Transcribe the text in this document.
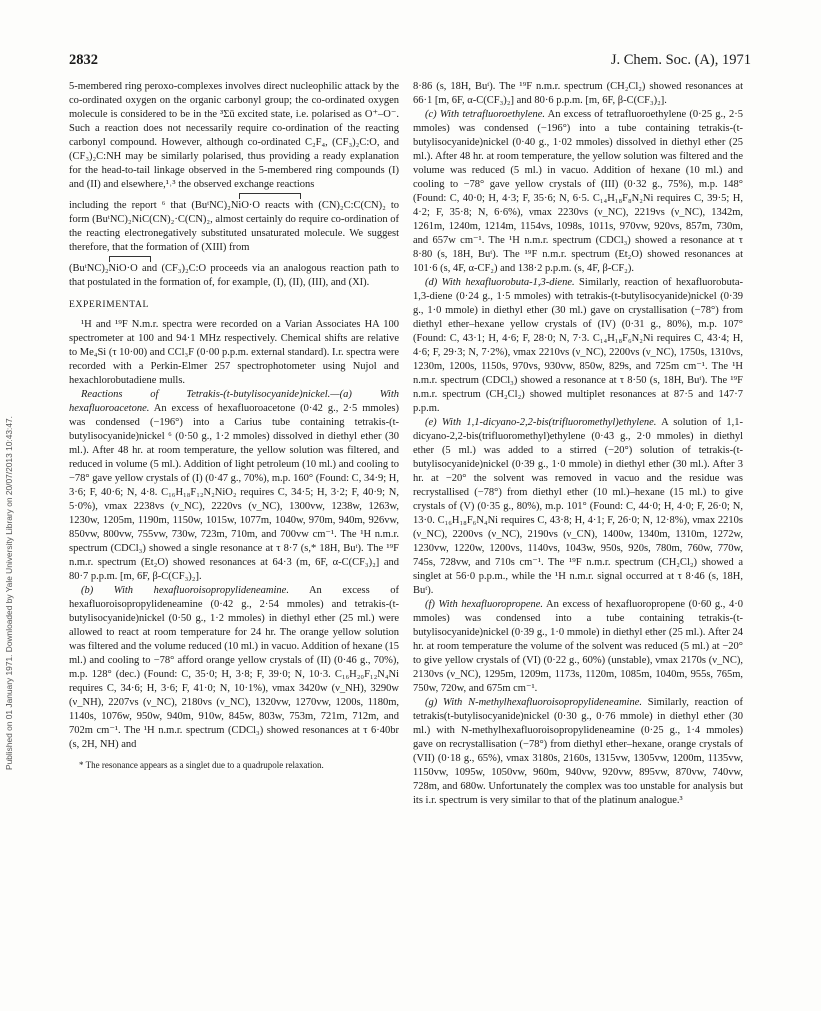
Published on 01 January 1971. Downloaded by Yale University Library on 20/07/2013 10:43:47.
2832	J. Chem. Soc. (A), 1971

5-membered ring peroxo-complexes involves direct nucleophilic attack by the co-ordinated oxygen on the organic carbonyl group; the co-ordinated oxygen molecule is considered to be in the ³Σū excited state, i.e. polarised as O⁺–O⁻. Such a reaction does not necessarily require co-ordination of the reacting carbonyl compound. However, although co-ordinated C₂F₄, (CF₃)₂C:O, and (CF₃)₂C:NH may be similarly polarised, thus providing a ready explanation for the head-to-tail linkage observed in the 5-membered ring compounds (I) and (II) and elsewhere,¹˒³ the observed exchange reactions

including the report ⁶ that (BuᵗNC)₂NiO·O reacts with (CN)₂C:C(CN)₂ to form (BuᵗNC)₂NiC(CN)₂·C(CN)₂, almost certainly do require co-ordination of the reacting electronegatively substituted unsaturated molecule. We suggest therefore, that the formation of (XIII) from

(BuᵗNC)₂NiO·O and (CF₃)₂C:O proceeds via an analogous reaction path to that postulated in the formation of, for example, (I), (II), (III), and (XI).

EXPERIMENTAL

¹H and ¹⁹F N.m.r. spectra were recorded on a Varian Associates HA 100 spectrometer at 100 and 94·1 MHz respectively. Chemical shifts are relative to Me₄Si (τ 10·00) and CCl₃F (0·00 p.p.m. external standard). I.r. spectra were recorded with a Perkin-Elmer 257 spectrophotometer using Nujol and hexachlorobutadiene mulls.

Reactions of Tetrakis-(t-butylisocyanide)nickel.—(a) With hexafluoroacetone. An excess of hexafluoroacetone (0·42 g., 2·5 mmoles) was condensed (−196°) into a Carius tube containing tetrakis-(t-butylisocyanide)nickel ⁶ (0·50 g., 1·2 mmoles) dissolved in diethyl ether (30 ml.). After 48 hr. at room temperature, the yellow solution was filtered, and reduced in volume (5 ml.). Addition of light petroleum (10 ml.) and cooling to −78° gave yellow crystals of (I) (0·47 g., 70%), m.p. 160° (Found: C, 34·9; H, 3·6; F, 40·6; N, 4·8. C₁₆H₁₈F₁₂N₂NiO₂ requires C, 34·5; H, 3·2; F, 40·9; N, 5·0%), νmax 2238vs (ν_NC), 2220vs (ν_NC), 1300vw, 1238w, 1263w, 1230w, 1205m, 1190m, 1150w, 1015w, 1077m, 1040w, 970m, 940m, 926vw, 850vw, 800vw, 755vw, 730w, 723m, 710m, and 700vw cm⁻¹. The ¹H n.m.r. spectrum (CDCl₃) showed a single resonance at τ 8·7 (s,* 18H, Buᵗ). The ¹⁹F n.m.r. spectrum (Et₂O) showed resonances at 64·3 (m, 6F, α-C(CF₃)₂] and 80·7 p.p.m. [m, 6F, β-C(CF₃)₂].

(b) With hexafluoroisopropylideneamine. An excess of hexafluoroisopropylideneamine (0·42 g., 2·54 mmoles) and tetrakis-(t-butylisocyanide)nickel (0·50 g., 1·2 mmoles) in diethyl ether (25 ml.) were allowed to react at room temperature for 24 hr. The orange yellow solution was filtered and the volume reduced (10 ml.) in vacuo. Addition of hexane (15 ml.) and cooling to −78° afford orange yellow crystals of (II) (0·46 g., 70%), m.p. 128° (dec.) (Found: C, 35·0; H, 3·8; F, 39·0; N, 10·3. C₁₆H₂₀F₁₂N₄Ni requires C, 34·6; H, 3·6; F, 41·0; N, 10·1%), νmax 3420w (ν_NH), 3290w (ν_NH), 2207vs (ν_NC), 2180vs (ν_NC), 1320vw, 1270vw, 1200s, 1180m, 1140s, 1076w, 950w, 940m, 910w, 845w, 803w, 753m, 721m, 712m, and 702m cm⁻¹. The ¹H n.m.r. spectrum (CDCl₃) showed resonances at τ 6·40br (s, 2H, NH) and

* The resonance appears as a singlet due to a quadrupole relaxation.

8·86 (s, 18H, Buᵗ). The ¹⁹F n.m.r. spectrum (CH₂Cl₂) showed resonances at 66·1 [m, 6F, α-C(CF₃)₂] and 80·6 p.p.m. [m, 6F, β-C(CF₃)₂].

(c) With tetrafluoroethylene. An excess of tetrafluoroethylene (0·25 g., 2·5 mmoles) was condensed (−196°) into a tube containing tetrakis-(t-butylisocyanide)nickel (0·40 g., 1·02 mmoles) dissolved in diethyl ether (25 ml.). After 48 hr. at room temperature, the yellow solution was filtered and the volume was reduced (5 ml.) in vacuo. Addition of hexane (10 ml.) and cooling to −78° gave yellow crystals of (III) (0·32 g., 75%), m.p. 148° (Found: C, 40·0; H, 4·3; F, 35·6; N, 6·5. C₁₄H₁₈F₈N₂Ni requires C, 39·5; H, 4·2; F, 35·8; N, 6·6%), νmax 2230vs (ν_NC), 2219vs (ν_NC), 1342m, 1261m, 1240m, 1214m, 1154vs, 1098s, 1011s, 970vw, 920vs, 857m, 730m, and 657w cm⁻¹. The ¹H n.m.r. spectrum (CDCl₃) showed a resonance at τ 8·80 (s, 18H, Buᵗ). The ¹⁹F n.m.r. spectrum (Et₂O) showed resonances at 101·6 (s, 4F, α-CF₂) and 138·2 p.p.m. (s, 4F, β-CF₂).

(d) With hexafluorobuta-1,3-diene. Similarly, reaction of hexafluorobuta-1,3-diene (0·24 g., 1·5 mmoles) with tetrakis-(t-butylisocyanide)nickel (0·39 g., 1·0 mmole) in diethyl ether (30 ml.) gave on crystallisation (−78°) from diethyl ether–hexane yellow crystals of (IV) (0·31 g., 80%), m.p. 107° (Found: C, 43·1; H, 4·6; F, 28·0; N, 7·3. C₁₄H₁₈F₆N₂Ni requires C, 43·4; H, 4·6; F, 29·3; N, 7·2%), νmax 2210vs (ν_NC), 2200vs (ν_NC), 1750s, 1310vs, 1230m, 1200s, 1150s, 970vs, 930vw, 850w, 829s, and 725m cm⁻¹. The ¹H n.m.r. spectrum (CDCl₃) showed a resonance at τ 8·50 (s, 18H, Buᵗ). The ¹⁹F n.m.r. spectrum (CH₂Cl₂) showed multiplet resonances at 87·5 and 147·7 p.p.m.

(e) With 1,1-dicyano-2,2-bis(trifluoromethyl)ethylene. A solution of 1,1-dicyano-2,2-bis(trifluoromethyl)ethylene (0·43 g., 2·0 mmoles) in diethyl ether (5 ml.) was added to a stirred (−20°) solution of tetrakis-(t-butylisocyanide)nickel (0·39 g., 1·0 mmole) in diethyl ether (30 ml.). After 3 hr. at −20° the solvent was removed in vacuo and the residue was recrystallised (−78°) from diethyl ether (10 ml.)–hexane (15 ml.) to give crystals of (V) (0·35 g., 80%), m.p. 101° (Found: C, 44·0; H, 4·0; F, 26·0; N, 13·0. C₁₆H₁₈F₆N₄Ni requires C, 43·8; H, 4·1; F, 26·0; N, 12·8%), νmax 2210s (ν_NC), 2200vs (ν_NC), 2190vs (ν_CN), 1400w, 1340m, 1310m, 1272w, 1230vw, 1220w, 1200vs, 1140vs, 1043w, 950s, 920s, 780m, 760w, 770w, 745s, 728vw, and 710s cm⁻¹. The ¹⁹F n.m.r. spectrum (CH₂Cl₂) showed a singlet at 56·0 p.p.m., while the ¹H n.m.r. signal occurred at τ 8·46 (s, 18H, Buᵗ).

(f) With hexafluoropropene. An excess of hexafluoropropene (0·60 g., 4·0 mmoles) was condensed into a tube containing tetrakis-(t-butylisocyanide)nickel (0·39 g., 1·0 mmole) in diethyl ether (25 ml.). After 24 hr. at room temperature the volume of the solvent was reduced (5 ml.) at −20° to give yellow crystals of (VI) (0·22 g., 60%) (unstable), νmax 2170s (ν_NC), 2130vs (ν_NC), 1295m, 1209m, 1173s, 1120m, 1085m, 1040m, 955s, 765m, 750w, 720w, and 675m cm⁻¹.

(g) With N-methylhexafluoroisopropylideneamine. Similarly, reaction of tetrakis(t-butylisocyanide)nickel (0·30 g., 0·76 mmole) in diethyl ether (30 ml.) with N-methylhexafluoroisopropylideneamine (0·25 g., 1·4 mmoles) gave on recrystallisation (−78°) from diethyl ether–hexane, orange crystals of (VII) (0·18 g., 65%), νmax 3180s, 2160s, 1315vw, 1305vw, 1200m, 1135vw, 1150vw, 1095w, 1050vw, 960m, 940vw, 920vw, 895vw, 870vw, 740vw, 728m, and 680w. Unfortunately the complex was too unstable for analysis but its i.r. spectrum is very similar to that of the platinum analogue.³
